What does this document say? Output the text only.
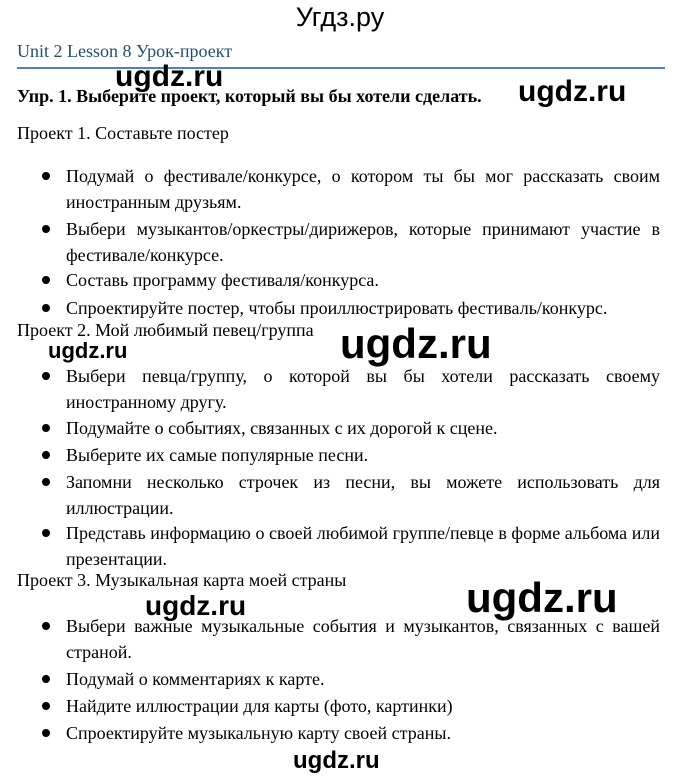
Угдз.ру
Unit 2 Lesson 8 Урок-проект
Упр. 1. Выберите проект, который вы бы хотели сделать.
Проект 1. Составьте постер
Подумай о фестивале/конкурсе, о котором ты бы мог рассказать своим иностранным друзьям.
Выбери музыкантов/оркестры/дирижеров, которые принимают участие в фестивале/конкурсе.
Составь программу фестиваля/конкурса.
Спроектируйте постер, чтобы проиллюстрировать фестиваль/конкурс.
Проект 2. Мой любимый певец/группа
Выбери певца/группу, о которой вы бы хотели рассказать своему иностранному другу.
Подумайте о событиях, связанных с их дорогой к сцене.
Выберите их самые популярные песни.
Запомни несколько строчек из песни, вы можете использовать для иллюстрации.
Представь информацию о своей любимой группе/певце в форме альбома или презентации.
Проект 3. Музыкальная карта моей страны
Выбери важные музыкальные события и музыкантов, связанных с вашей страной.
Подумай о комментариях к карте.
Найдите иллюстрации для карты (фото, картинки)
Спроектируйте музыкальную карту своей страны.
ugdz.ru	ugdz.ru
ugdz.ru
ugdz.ru
ugdz.ru
ugdz.ru
ugdz.ru
